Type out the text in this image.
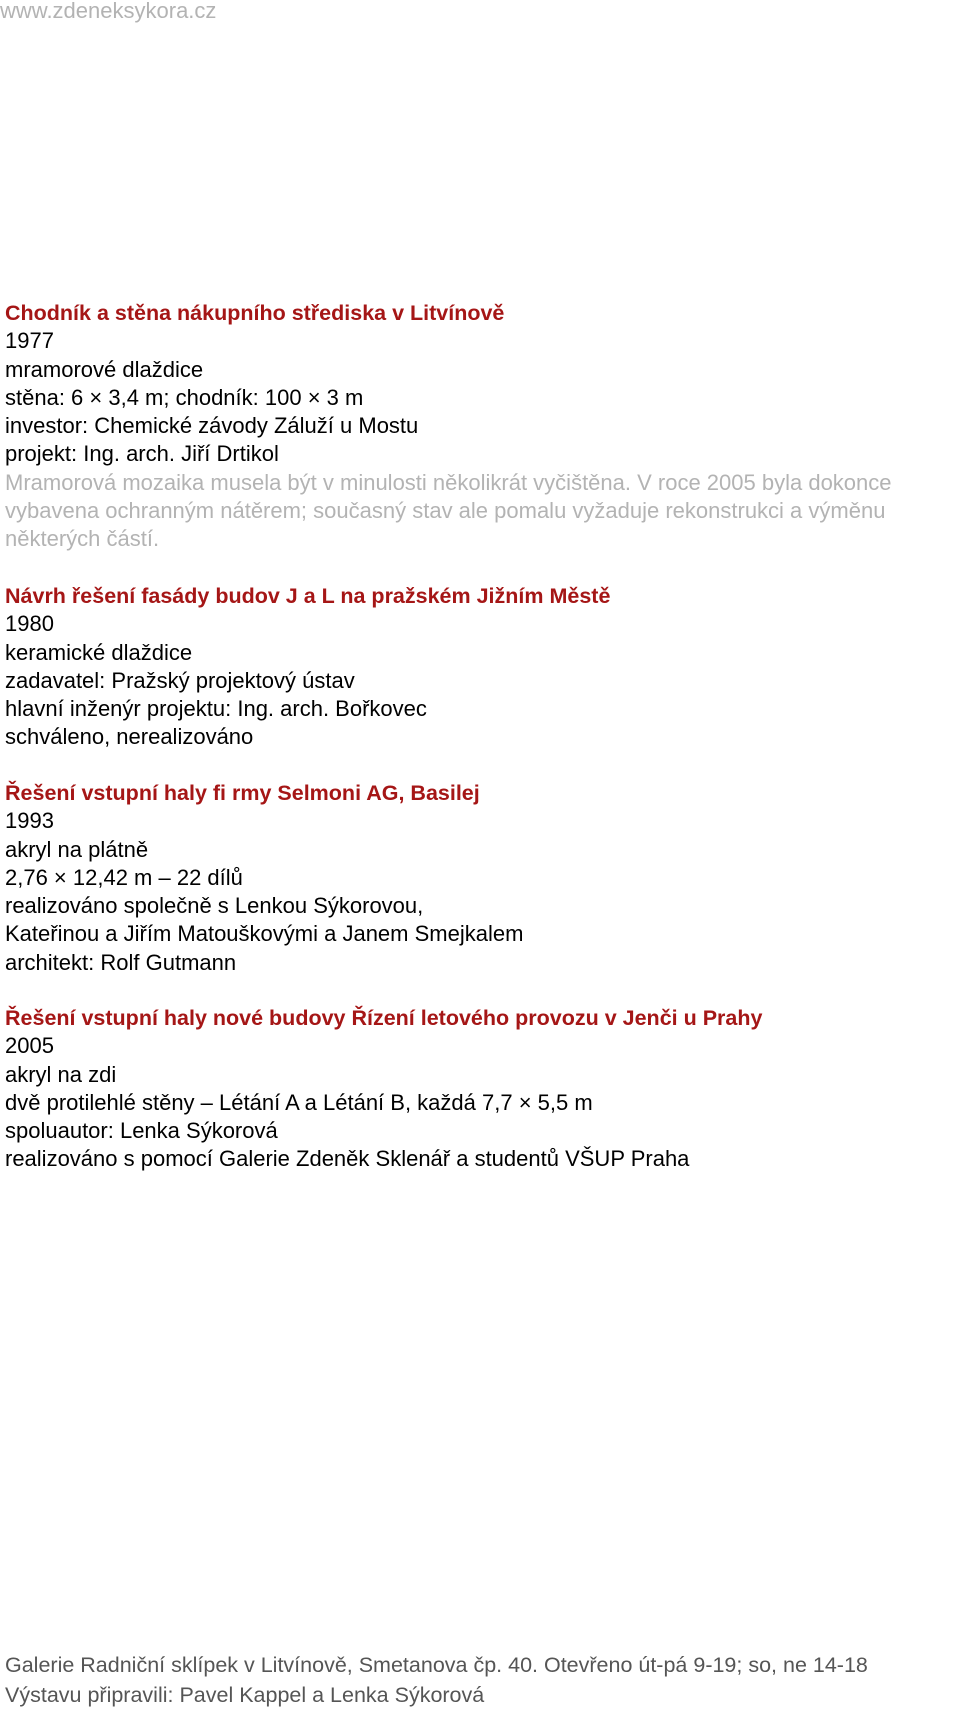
www.zdeneksykora.cz
Chodník a stěna nákupního střediska v Litvínově
1977
mramorové dlaždice
stěna: 6 × 3,4 m; chodník: 100 × 3 m
investor: Chemické závody Záluží u Mostu
projekt: Ing. arch. Jiří Drtikol
Mramorová mozaika musela být v minulosti několikrát vyčištěna. V roce 2005 byla dokonce vybavena ochranným nátěrem; současný stav ale pomalu vyžaduje rekonstrukci a výměnu některých částí.
Návrh řešení fasády budov J a L na pražském Jižním Městě
1980
keramické dlaždice
zadavatel: Pražský projektový ústav
hlavní inženýr projektu: Ing. arch. Bořkovec
schváleno, nerealizováno
Řešení vstupní haly fi rmy Selmoni AG, Basilej
1993
akryl na plátně
2,76 × 12,42 m – 22 dílů
realizováno společně s Lenkou Sýkorovou,
Kateřinou a Jiřím Matouškovými a Janem Smejkalem
architekt: Rolf Gutmann
Řešení vstupní haly nové budovy Řízení letového provozu v Jenči u Prahy
2005
akryl na zdi
dvě protilehlé stěny – Létání A a Létání B, každá 7,7 × 5,5 m
spoluautor: Lenka Sýkorová
realizováno s pomocí Galerie Zdeněk Sklenář a studentů VŠUP Praha
Galerie Radniční sklípek v Litvínově, Smetanova čp. 40. Otevřeno út-pá 9-19; so, ne 14-18
Výstavu připravili: Pavel Kappel a Lenka Sýkorová
